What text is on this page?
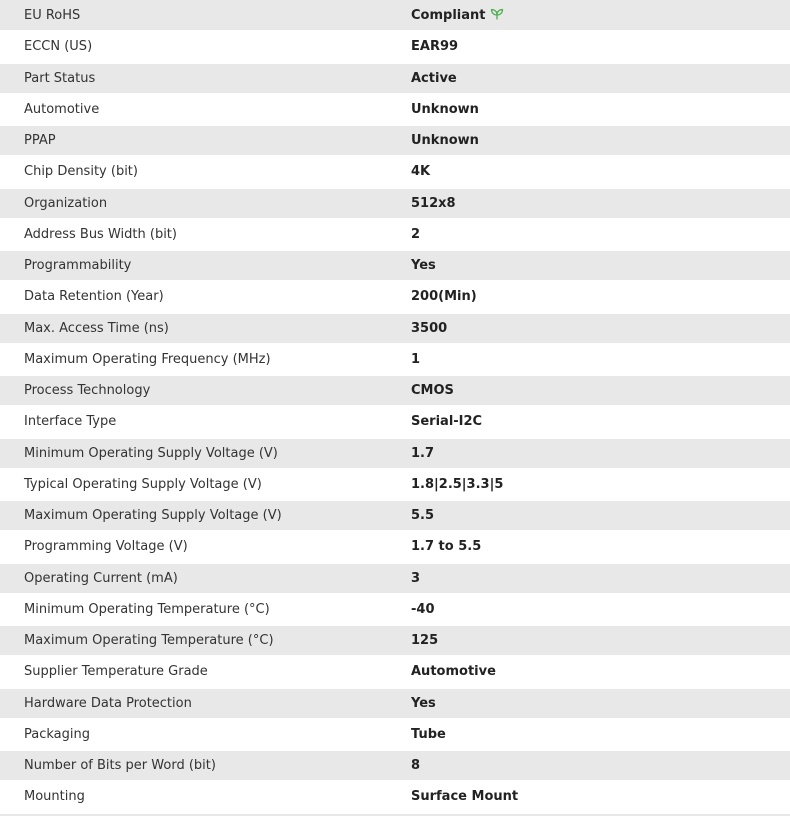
EU RoHS	Compliant
ECCN (US)	EAR99
Part Status	Active
Automotive	Unknown
PPAP	Unknown
Chip Density (bit)	4K
Organization	512x8
Address Bus Width (bit)	2
Programmability	Yes
Data Retention (Year)	200(Min)
Max. Access Time (ns)	3500
Maximum Operating Frequency (MHz)	1
Process Technology	CMOS
Interface Type	Serial-I2C
Minimum Operating Supply Voltage (V)	1.7
Typical Operating Supply Voltage (V)	1.8|2.5|3.3|5
Maximum Operating Supply Voltage (V)	5.5
Programming Voltage (V)	1.7 to 5.5
Operating Current (mA)	3
Minimum Operating Temperature (°C)	-40
Maximum Operating Temperature (°C)	125
Supplier Temperature Grade	Automotive
Hardware Data Protection	Yes
Packaging	Tube
Number of Bits per Word (bit)	8
Mounting	Surface Mount
